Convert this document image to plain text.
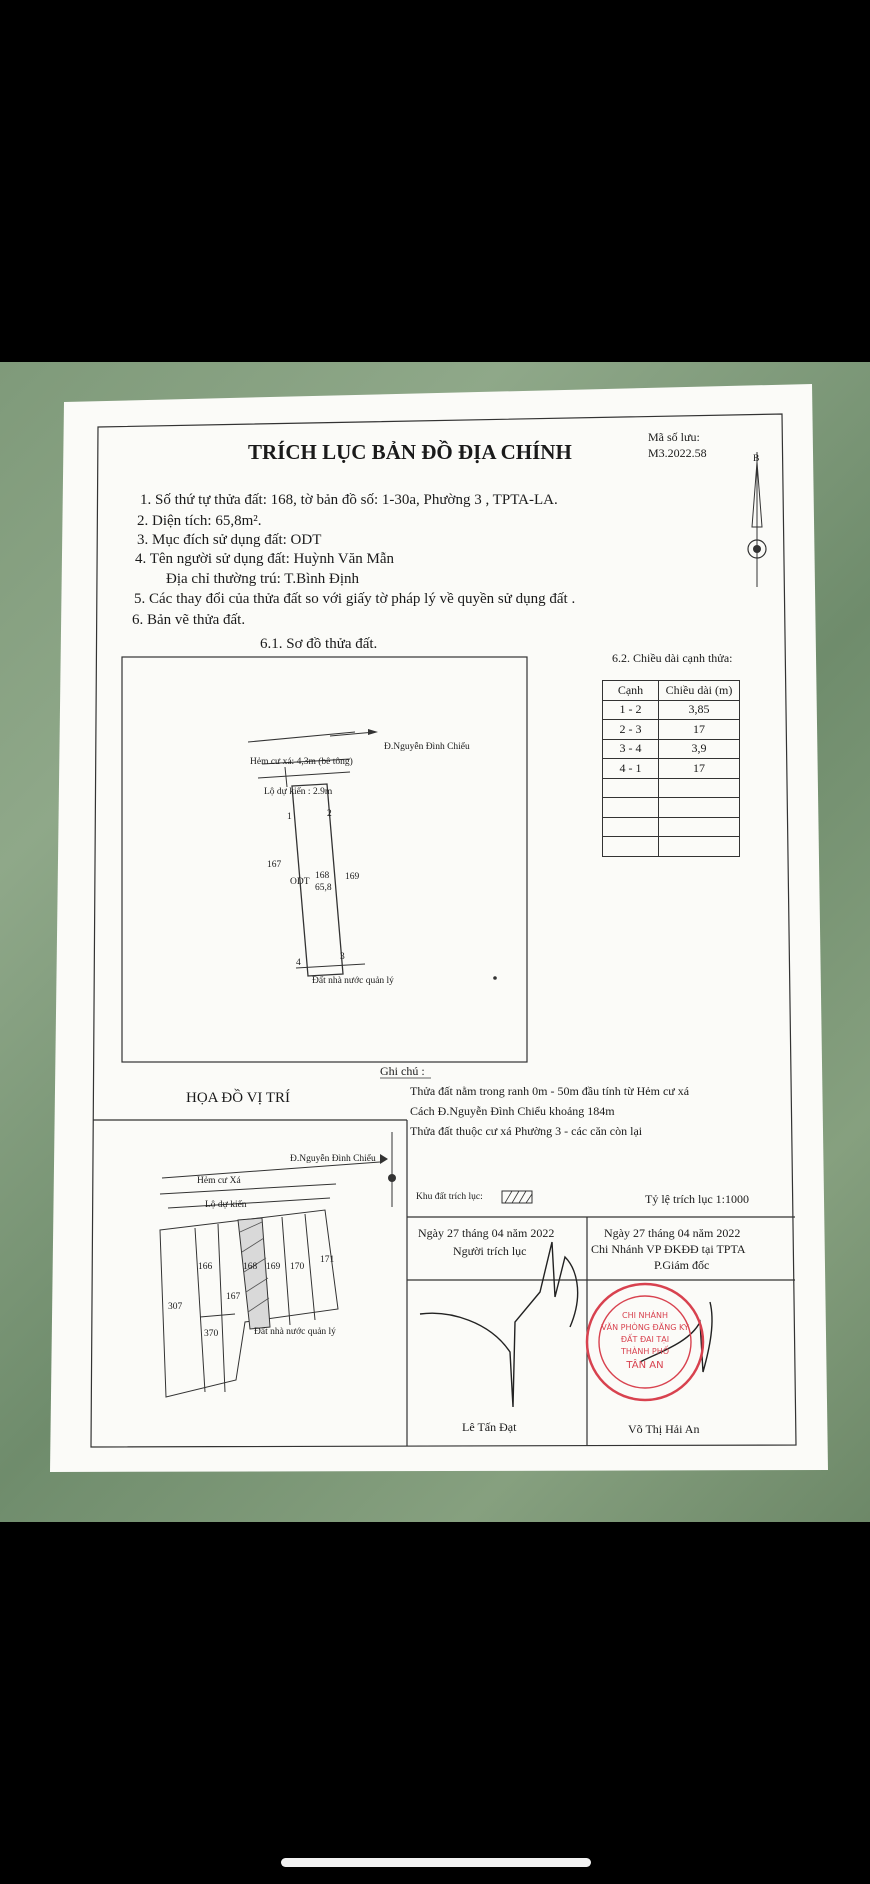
CHI NHÁNH
VĂN PHÒNG ĐĂNG KÝ
ĐẤT ĐAI TẠI
THÀNH PHỐ
TÂN AN
TRÍCH LỤC BẢN ĐỒ ĐỊA CHÍNH
Mã số lưu:
M3.2022.58	B
1. Số thứ tự thửa đất: 168, tờ bản đồ số: 1-30a, Phường 3 , TPTA-LA.
2. Diện tích: 65,8m².
3. Mục đích sử dụng đất: ODT
4. Tên người sử dụng đất: Huỳnh Văn Mẫn
Địa chỉ thường trú: T.Bình Định
5. Các thay đổi của thửa đất so với giấy tờ pháp lý về quyền sử dụng đất .
6. Bản vẽ thửa đất.
6.1. Sơ đồ thửa đất.
Đ.Nguyễn Đình Chiểu
Hẻm cư xá: 4,3m (bê tông)
Lộ dự kiến : 2.9m
1	2
3
4
167
169
ODT
168
65,8
Đất nhà nước quản lý
6.2. Chiều dài cạnh thửa:
Cạnh	Chiều dài (m)
1 - 2	3,85
2 - 3	17
3 - 4	3,9
4 - 1	17

Ghi chú :
Thửa đất nằm trong ranh 0m - 50m đầu tính từ Hẻm cư xá
Cách Đ.Nguyễn Đình Chiểu khoảng 184m
Thửa đất thuộc cư xá Phường 3 - các căn còn lại
Khu đất trích lục:	Tỷ lệ trích lục 1:1000
HỌA ĐỒ VỊ TRÍ
Đ.Nguyễn Đình Chiểu
Hẻm cư Xá
Lộ dự kiến
166	168 169 170
171
167
307
370	Đất nhà nước quản lý
Ngày 27 tháng 04 năm 2022
Người trích lục
Lê Tấn Đạt
Ngày 27 tháng 04 năm 2022
Chi Nhánh VP ĐKĐĐ tại TPTA
P.Giám đốc
Võ Thị Hải An
